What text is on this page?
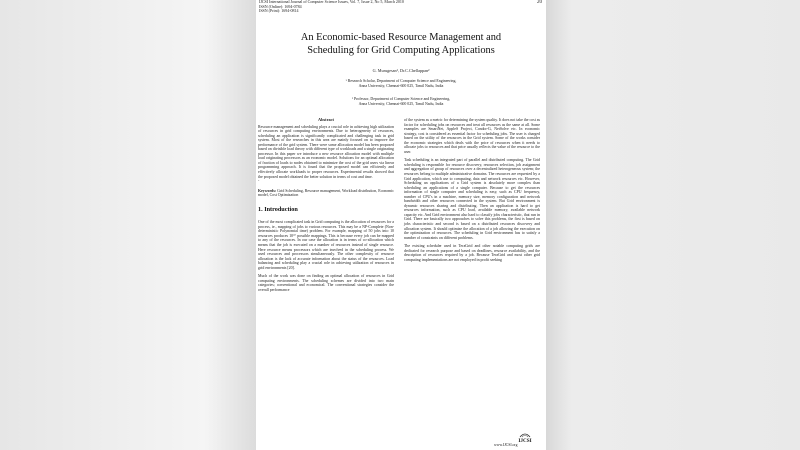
IJCSI International Journal of Computer Science Issues, Vol. 7, Issue 2, No 5, March 2010
ISSN (Online): 1694-0784
ISSN (Print): 1694-0814
20
An Economic-based Resource Management and
Scheduling for Grid Computing Applications
G. Murugesan¹, Dr.C.Chellappan²
¹ Research Scholar, Department of Computer Science and Engineering,
Anna University, Chennai-600 025, Tamil Nadu, India
² Professor, Department of Computer Science and Engineering,
Anna University, Chennai-600 025, Tamil Nadu, India
Abstract

Resource management and scheduling plays a crucial role in achieving high utilization of resources in grid computing environments. Due to heterogeneity of resources, scheduling an application is significantly complicated and challenging task in grid system. Most of the researches in this area are mainly focused on to improve the performance of the grid system. There were some allocation model has been proposed based on divisible load theory with different type of workloads and a single originating processor. In this paper we introduce a new resource allocation model with multiple load originating processors as an economic model. Solutions for an optimal allocation of fraction of loads to nodes obtained to minimize the cost of the grid users via linear programming approach. It is found that the proposed model can efficiently and effectively allocate workloads to proper resources. Experimental results showed that the proposed model obtained the better solution in terms of cost and time.

-

Keywords: Grid Scheduling, Resource management, Workload distribution, Economic model, Cost Optimization

1. Introduction

One of the most complicated task in Grid computing is the allocation of resources for a process, ie., mapping of jobs to various resources. This may be a NP-Complete (Non-deterministic Polynomial time) problem. For example, mapping of 50 jobs into 10 resources produces 10⁵⁰ possible mappings. This is because every job can be mapped to any of the resources. In our case the allocation is in terms of co-allocation which means that the job is executed on a number of resources instead of single resource. Here resource means processors which are involved in the scheduling process. We used resources and processors simultaneously. The other complexity of resource allocation is the lack of accurate information about the status of the resources. Load balancing and scheduling play a crucial role in achieving utilization of resources in grid environments [20].

Much of the work was done on finding an optimal allocation of resources in Grid computing environments. The scheduling schemes are divided into two main categories; conventional and economical. The conventional strategies consider the overall performance

of the system as a metric for determining the system quality. It does not take the cost as factor for scheduling jobs on resources and treat all resources as the same at all. Some examples are SmartNet, AppleS Project, Condor-G, NetSolve etc. In economic strategy, cost is considered as essential factor for scheduling jobs. The user is charged based on the utility of the resources in the Grid system. Some of the works consider the economic strategies which deals with the price of resources when it needs to allocate jobs to resources and that price usually reflects the value of the resource to the user.

Task scheduling is an integrated part of parallel and distributed computing. The Grid scheduling is responsible for resource discovery, resources selection, job assignment and aggregation of group of resources over a decentralized heterogeneous system; the resources belong to multiple administrative domains. The resources are requested by a Grid application, which use to computing, data and network resources etc. However, Scheduling an applications of a Grid system is absolutely more complex than scheduling an applications of a single computer. Because to get the resources information of single computer and scheduling is easy, such as CPU frequency, number of CPU's in a machine, memory size, memory configuration and network bandwidth and other resources connected in the system. But Grid environment is dynamic resources sharing and distributing. Then an application is hard to get resources information, such as CPU load, available memory, available network capacity etc. And Grid environment also hard to classify jobs characteristic, that run in Grid. There are basically two approaches to solve this problems, the first is based on jobs characteristic and second is based on a distributed resources discovery and allocation system. It should optimize the allocation of a job allowing the execution on the optimization of resources. The scheduling in Grid environment has to satisfy a number of constraints on different problems.

The existing scheduler used in TeraGrid and other notable computing grids are dedicated for research purpose and based on deadlines, resource availability, and the description of resources required by a job. Because TeraGrid and most other grid computing implementations are not employed in profit seeking

IJCSI
www.IJCSI.org
